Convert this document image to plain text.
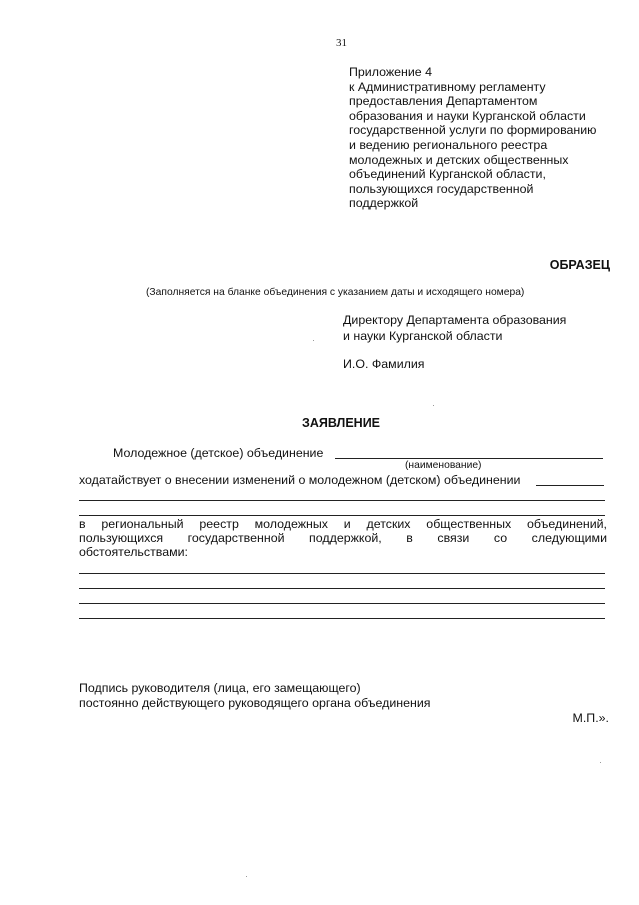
31
Приложение 4
к Административному регламенту
предоставления Департаментом
образования и науки Курганской области
государственной услуги по формированию
и ведению регионального реестра
молодежных и детских общественных
объединений Курганской области,
пользующихся государственной
поддержкой
ОБРАЗЕЦ
(Заполняется на бланке объединения с указанием даты и исходящего номера)
Директору Департамента образования
и науки Курганской области
И.О. Фамилия
ЗАЯВЛЕНИЕ
Молодежное (детское) объединение
(наименование)
ходатайствует о внесении изменений о молодежном (детском) объединении
в региональный реестр молодежных и детских общественных объединений,
пользующихся государственной поддержкой, в связи со следующими
обстоятельствами:
Подпись руководителя (лица, его замещающего)
постоянно действующего руководящего органа объединения
М.П.».
